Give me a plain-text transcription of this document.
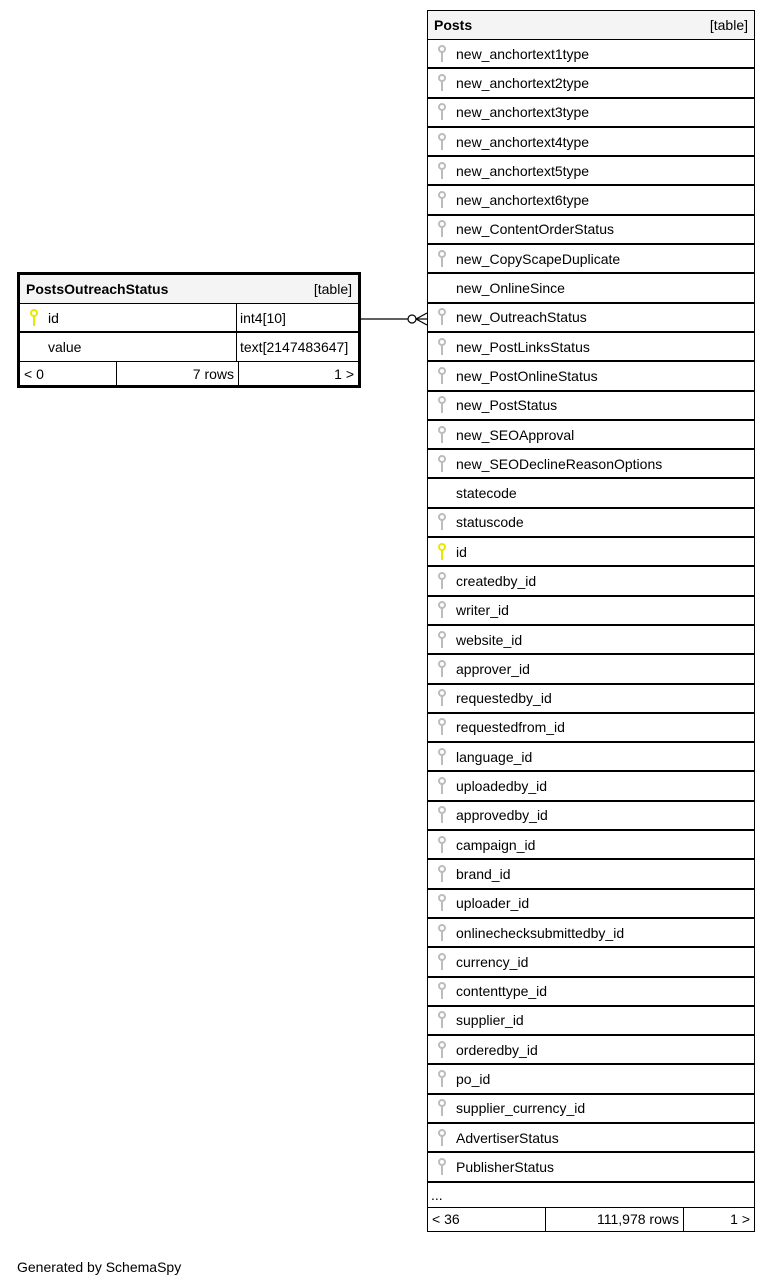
PostsOutreachStatus	[table]
id	int4[10]
value	text[2147483647]
< 0	7 rows	1 >
Posts	[table]
new_anchortext1type
new_anchortext2type
new_anchortext3type
new_anchortext4type
new_anchortext5type
new_anchortext6type
new_ContentOrderStatus
new_CopyScapeDuplicate
new_OnlineSince
new_OutreachStatus
new_PostLinksStatus
new_PostOnlineStatus
new_PostStatus
new_SEOApproval
new_SEODeclineReasonOptions
statecode
statuscode
id
createdby_id
writer_id
website_id
approver_id
requestedby_id
requestedfrom_id
language_id
uploadedby_id
approvedby_id
campaign_id
brand_id
uploader_id
onlinechecksubmittedby_id
currency_id
contenttype_id
supplier_id
orderedby_id
po_id
supplier_currency_id
AdvertiserStatus
PublisherStatus
...
< 36	111,978 rows	1 >
Generated by SchemaSpy
